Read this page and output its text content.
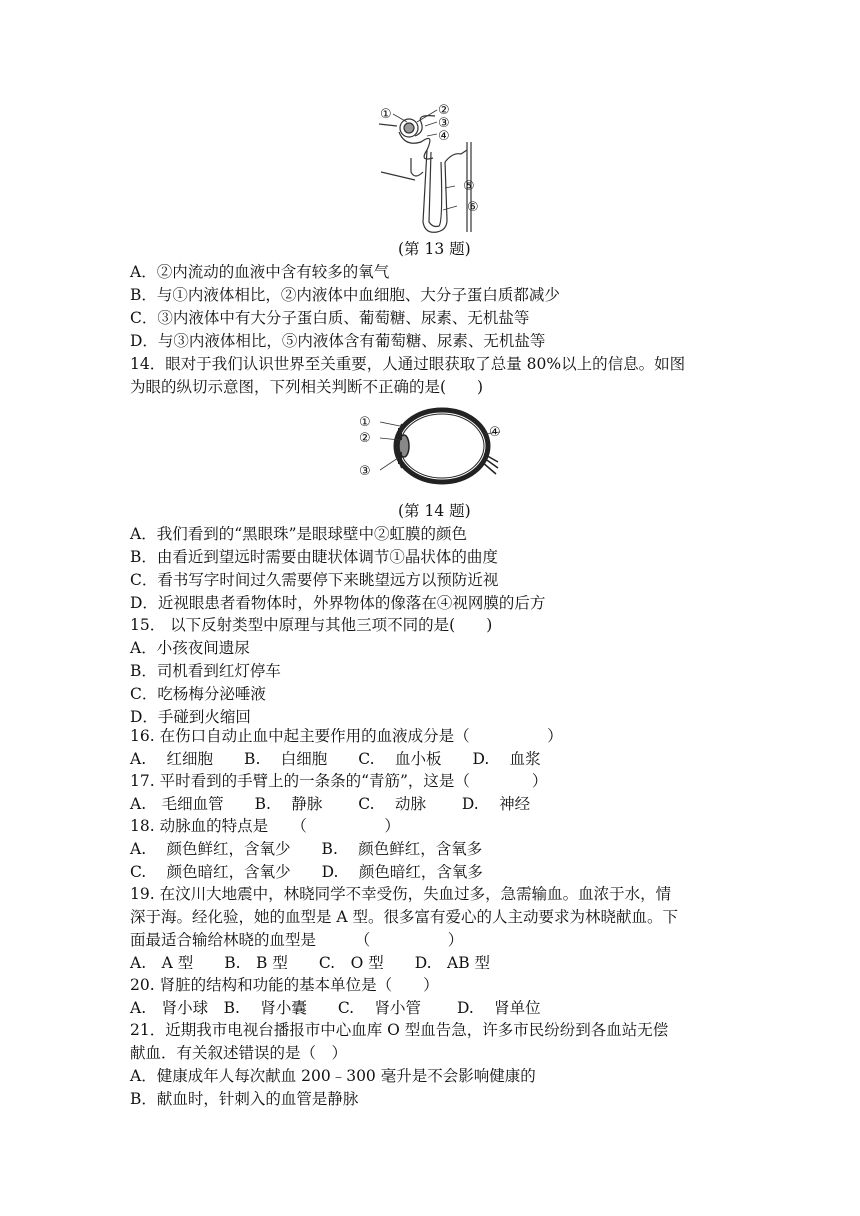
①	②
③
④
⑤
⑥
(第 13 题)
A．②内流动的血液中含有较多的氧气
B．与①内液体相比，②内液体中血细胞、大分子蛋白质都减少
C．③内液体中有大分子蛋白质、葡萄糖、尿素、无机盐等
D．与③内液体相比，⑤内液体含有葡萄糖、尿素、无机盐等
14．眼对于我们认识世界至关重要，人通过眼获取了总量 80%以上的信息。如图
为眼的纵切示意图，下列相关判断不正确的是(　　)
①
②
③
④
(第 14 题)
A．我们看到的“黑眼珠”是眼球壁中②虹膜的颜色
B．由看近到望远时需要由睫状体调节①晶状体的曲度
C．看书写字时间过久需要停下来眺望远方以预防近视
D．近视眼患者看物体时，外界物体的像落在④视网膜的后方
15． 以下反射类型中原理与其他三项不同的是(　　)
A．小孩夜间遗尿
B．司机看到红灯停车
C．吃杨梅分泌唾液
D．手碰到火缩回
16. 在伤口自动止血中起主要作用的血液成分是（　　　　　）
A.　 红细胞　　B.　 白细胞　　C.　 血小板　　D.　 血浆
17. 平时看到的手臂上的一条条的“青筋”，这是（　　　　）
A.　毛细血管　　B.　 静脉　　 C.　 动脉　　 D.　 神经
18. 动脉血的特点是　　（　　　　　）
A.　 颜色鲜红，含氧少　　B.　 颜色鲜红，含氧多
C.　 颜色暗红，含氧少　　D.　 颜色暗红，含氧多
19. 在汶川大地震中，林晓同学不幸受伤，失血过多，急需输血。血浓于水，情
深于海。经化验，她的血型是 A 型。很多富有爱心的人主动要求为林晓献血。下
面最适合输给林晓的血型是　　　（　　　　　）
A.　A 型　　B.　B 型　　C.　O 型　　D.　AB 型
20. 肾脏的结构和功能的基本单位是（　　）
A.　肾小球　B.　 肾小囊　　C.　 肾小管　　 D.　 肾单位
21．近期我市电视台播报市中心血库 O 型血告急，许多市民纷纷到各血站无偿
献血．有关叙述错误的是（　）
A．健康成年人每次献血 200﹣300 毫升是不会影响健康的
B．献血时，针刺入的血管是静脉
